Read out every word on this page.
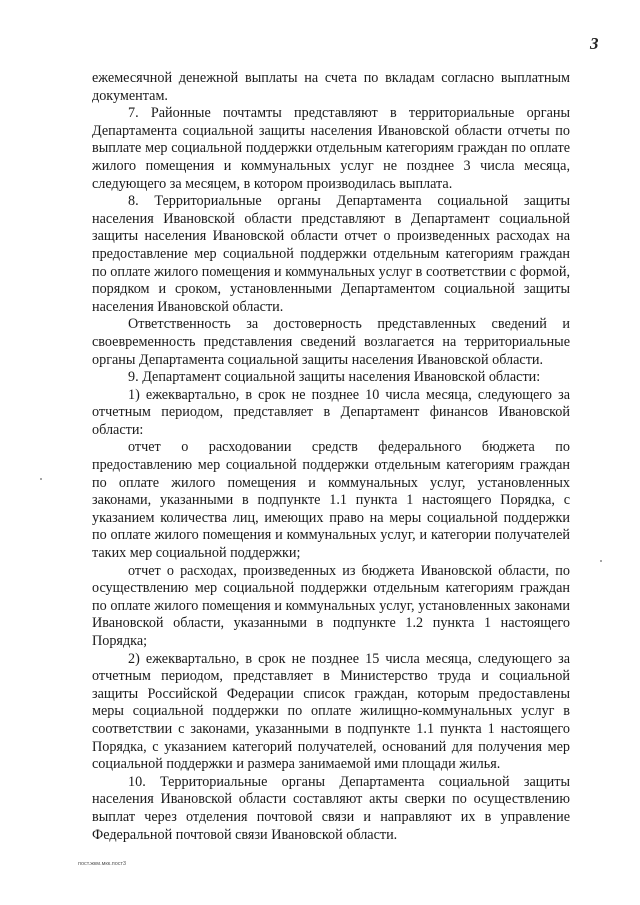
3

ежемесячной денежной выплаты на счета по вкладам согласно выплатным документам.

7. Районные почтамты представляют в территориальные органы Департамента социальной защиты населения Ивановской области отчеты по выплате мер социальной поддержки отдельным категориям граждан по оплате жилого помещения и коммунальных услуг не позднее 3 числа месяца, следующего за месяцем, в котором производилась выплата.

8. Территориальные органы Департамента социальной защиты населения Ивановской области представляют в Департамент социальной защиты населения Ивановской области отчет о произведенных расходах на предоставление мер социальной поддержки отдельным категориям граждан по оплате жилого помещения и коммунальных услуг в соответствии с формой, порядком и сроком, установленными Департаментом социальной защиты населения Ивановской области.

Ответственность за достоверность представленных сведений и своевременность представления сведений возлагается на территориальные органы Департамента социальной защиты населения Ивановской области.

9. Департамент социальной защиты населения Ивановской области:

1) ежеквартально, в срок не позднее 10 числа месяца, следующего за отчетным периодом, представляет в Департамент финансов Ивановской области:

отчет о расходовании средств федерального бюджета по предоставлению мер социальной поддержки отдельным категориям граждан по оплате жилого помещения и коммунальных услуг, установленных законами, указанными в подпункте 1.1 пункта 1 настоящего Порядка, с указанием количества лиц, имеющих право на меры социальной поддержки по оплате жилого помещения и коммунальных услуг, и категории получателей таких мер социальной поддержки;

отчет о расходах, произведенных из бюджета Ивановской области, по осуществлению мер социальной поддержки отдельным категориям граждан по оплате жилого помещения и коммунальных услуг, установленных законами Ивановской области, указанными в подпункте 1.2 пункта 1 настоящего Порядка;

2) ежеквартально, в срок не позднее 15 числа месяца, следующего за отчетным периодом, представляет в Министерство труда и социальной защиты Российской Федерации список граждан, которым предоставлены меры социальной поддержки по оплате жилищно-коммунальных услуг в соответствии с законами, указанными в подпункте 1.1 пункта 1 настоящего Порядка, с указанием категорий получателей, оснований для получения мер социальной поддержки и размера занимаемой ими площади жилья.

10. Территориальные органы Департамента социальной защиты населения Ивановской области составляют акты сверки по осуществлению выплат через отделения почтовой связи и направляют их в управление Федеральной почтовой связи Ивановской области.

пост.жкм.мкк.пост3
